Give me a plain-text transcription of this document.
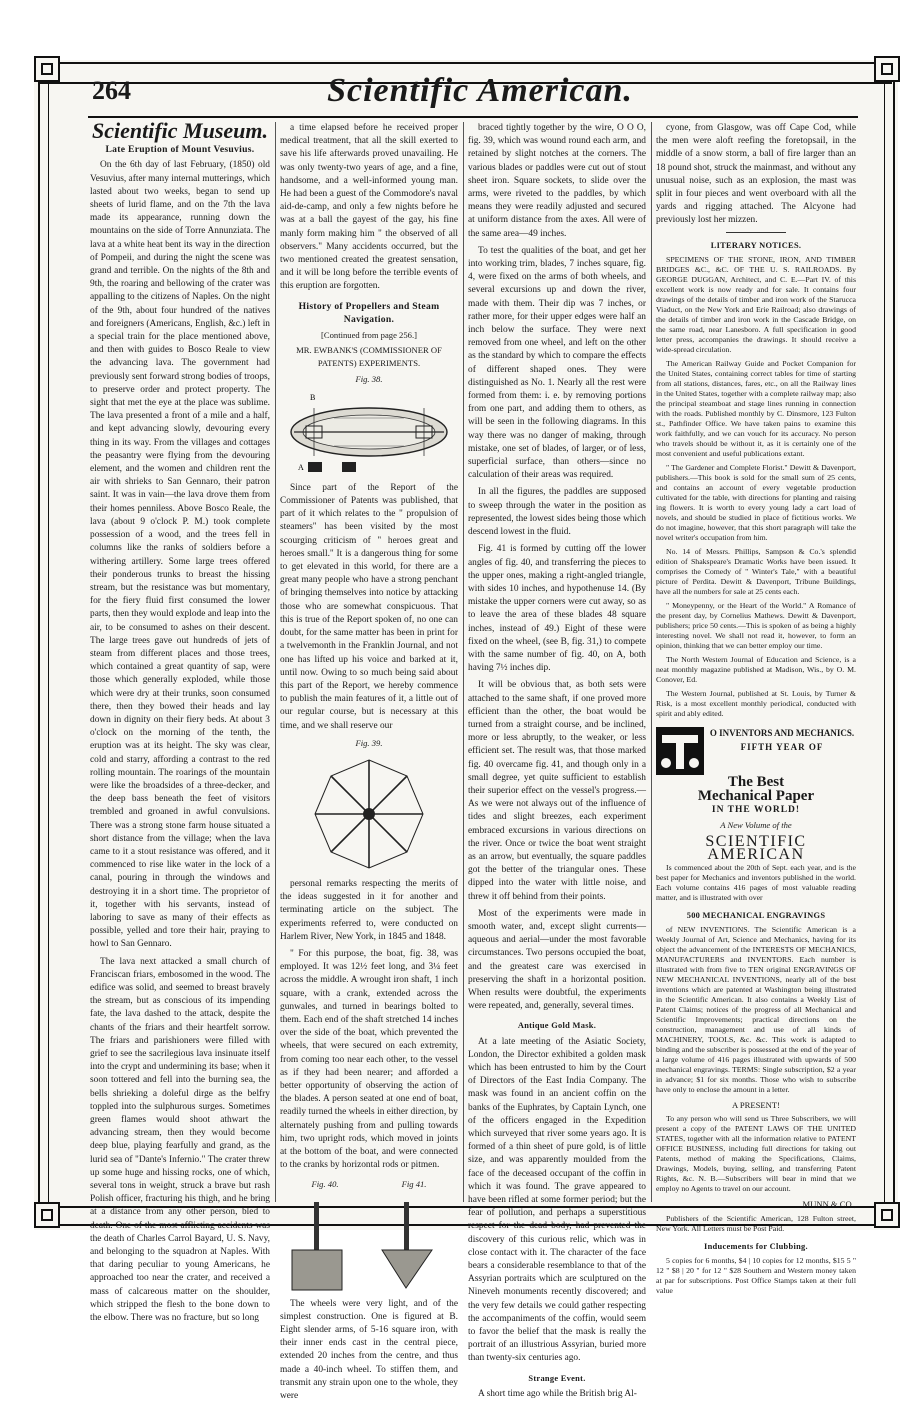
264	Scientific American.
Scientific Museum.
Late Eruption of Mount Vesuvius.

On the 6th day of last February, (1850) old Vesuvius, after many internal mutterings, which lasted about two weeks, began to send up sheets of lurid flame, and on the 7th the lava made its appearance, running down the mountains on the side of Torre Annunziata. The lava at a white heat bent its way in the direction of Pompeii, and during the night the scene was grand and terrible. On the nights of the 8th and 9th, the roaring and bellowing of the crater was appalling to the citizens of Naples. On the night of the 9th, about four hundred of the natives and foreigners (Americans, English, &c.) left in a special train for the place mentioned above, and then with guides to Bosco Reale to view the advancing lava. The government had previously sent forward strong bodies of troops, to preserve order and protect property. The sight that met the eye at the place was sublime. The lava presented a front of a mile and a half, and kept advancing slowly, devouring every thing in its way. From the villages and cottages the peasantry were flying from the devouring element, and the women and children rent the air with shrieks to San Gennaro, their patron saint. It was in vain—the lava drove them from their homes penniless. Above Bosco Reale, the lava (about 9 o'clock P. M.) took complete possession of a wood, and the trees fell in columns like the ranks of soldiers before a withering artillery. Some large trees offered their ponderous trunks to breast the hissing stream, but the resistance was but momentary, for the fiery fluid first consumed the lower parts, then they would explode and leap into the air, to be consumed to ashes on their descent. The large trees gave out hundreds of jets of steam from different places and those trees, which contained a great quantity of sap, were those which generally exploded, while those which were dry at their trunks, soon consumed there, then they bowed their heads and lay down in dignity on their fiery beds. At about 3 o'clock on the morning of the tenth, the eruption was at its height. The sky was clear, cold and starry, affording a contrast to the red rolling mountain. The roarings of the mountain were like the broadsides of a three-decker, and the deep bass beneath the feet of visitors trembled and groaned in awful convulsions. There was a strong stone farm house situated a short distance from the village; when the lava came to it a stout resistance was offered, and it commenced to rise like water in the lock of a canal, pouring in through the windows and destroying it in a short time. The proprietor of it, together with his servants, instead of laboring to save as many of their effects as possible, yelled and tore their hair, praying to howl to San Gennaro.

The lava next attacked a small church of Franciscan friars, embosomed in the wood. The edifice was solid, and seemed to breast bravely the stream, but as conscious of its impending fate, the lava dashed to the attack, despite the chants of the friars and their heartfelt sorrow. The friars and parishioners were filled with grief to see the sacrilegious lava insinuate itself into the crypt and undermining its base; when it soon tottered and fell into the burning sea, the bells shrieking a doleful dirge as the belfry toppled into the sulphurous surges. Sometimes green flames would shoot athwart the advancing stream, then they would become deep blue, playing fearfully and grand, as the lurid sea of "Dante's Infernio." The crater threw up some huge and hissing rocks, one of which, several tons in weight, struck a brave but rash Polish officer, fracturing his thigh, and he bring at a distance from any other person, bled to death. One of the most afflicting accidents was the death of Charles Carrol Bayard, U. S. Navy, and belonging to the squadron at Naples. With that daring peculiar to young Americans, he approached too near the crater, and received a mass of calcareous matter on the shoulder, which stripped the flesh to the bone down to the elbow. There was no fracture, but so long

a time elapsed before he received proper medical treatment, that all the skill exerted to save his life afterwards proved unavailing. He was only twenty-two years of age, and a fine, handsome, and a well-informed young man. He had been a guest of the Commodore's naval aid-de-camp, and only a few nights before he was at a ball the gayest of the gay, his fine manly form making him " the observed of all observers." Many accidents occurred, but the two mentioned created the greatest sensation, and it will be long before the terrible events of this eruption are forgotten.

History of Propellers and Steam Navigation.
[Continued from page 256.]
MR. EWBANK'S (COMMISSIONER OF PATENTS) EXPERIMENTS.
Fig. 38.
B
A

Since part of the Report of the Commissioner of Patents was published, that part of it which relates to the " propulsion of steamers" has been visited by the most scourging criticism of " heroes great and heroes small." It is a dangerous thing for some to get elevated in this world, for there are a great many people who have a strong penchant of bringing themselves into notice by attacking those who are somewhat conspicuous. That this is true of the Report spoken of, no one can doubt, for the same matter has been in print for a twelvemonth in the Franklin Journal, and not one has lifted up his voice and barked at it, until now. Owing to so much being said about this part of the Report, we hereby commence to publish the main features of it, a little out of our regular course, but is necessary at this time, and we shall reserve our

Fig. 39.

personal remarks respecting the merits of the ideas suggested in it for another and terminating article on the subject. The experiments referred to, were conducted on Harlem River, New York, in 1845 and 1848.

" For this purpose, the boat, fig. 38, was employed. It was 12½ feet long, and 3¼ feet across the middle. A wrought iron shaft, 1 inch square, with a crank, extended across the gunwales, and turned in bearings bolted to them. Each end of the shaft stretched 14 inches over the side of the boat, which prevented the wheels, that were secured on each extremity, from coming too near each other, to the vessel as if they had been nearer; and afforded a better opportunity of observing the action of the blades. A person seated at one end of boat, readily turned the wheels in either direction, by alternately pushing from and pulling towards him, two upright rods, which moved in joints at the bottom of the boat, and were connected to the cranks by horizontal rods or pitmen.

Fig. 40.	Fig 41.

The wheels were very light, and of the simplest construction. One is figured at B. Eight slender arms, of 5-16 square iron, with their inner ends cast in the central piece, extended 20 inches from the centre, and thus made a 40-inch wheel. To stiffen them, and transmit any strain upon one to the whole, they were

braced tightly together by the wire, O O O, fig. 39, which was wound round each arm, and retained by slight notches at the corners. The various blades or paddles were cut out of stout sheet iron. Square sockets, to slide over the arms, were riveted to the paddles, by which means they were readily adjusted and secured at uniform distance from the axes. All were of the same area—49 inches.

To test the qualities of the boat, and get her into working trim, blades, 7 inches square, fig. 4, were fixed on the arms of both wheels, and several excursions up and down the river, made with them. Their dip was 7 inches, or rather more, for their upper edges were half an inch below the surface. They were next removed from one wheel, and left on the other as the standard by which to compare the effects of different shaped ones. They were distinguished as No. 1. Nearly all the rest were formed from them: i. e. by removing portions from one part, and adding them to others, as will be seen in the following diagrams. In this way there was no danger of making, through mistake, one set of blades, of larger, or of less, superficial surface, than others—since no calculation of their areas was required.

In all the figures, the paddles are supposed to sweep through the water in the position as represented, the lowest sides being those which descend lowest in the fluid.

Fig. 41 is formed by cutting off the lower angles of fig. 40, and transferring the pieces to the upper ones, making a right-angled triangle, with sides 10 inches, and hypothenuse 14. (By mistake the upper corners were cut away, so as to leave the area of these blades 48 square inches, instead of 49.) Eight of these were fixed on the wheel, (see B, fig. 31,) to compete with the same number of fig. 40, on A, both having 7½ inches dip.

It will be obvious that, as both sets were attached to the same shaft, if one proved more efficient than the other, the boat would be turned from a straight course, and be inclined, more or less abruptly, to the weaker, or less efficient set. The result was, that those marked fig. 40 overcame fig. 41, and though only in a small degree, yet quite sufficient to establish their superior effect on the vessel's progress.—As we were not always out of the influence of tides and slight breezes, each experiment embraced excursions in various directions on the river. Once or twice the boat went straight as an arrow, but eventually, the square paddles got the better of the triangular ones. These dipped into the water with little noise, and threw it off behind from their points.

Most of the experiments were made in smooth water, and, except slight currents—aqueous and aerial—under the most favorable circumstances. Two persons occupied the boat, and the greatest care was exercised in preserving the shaft in a horizontal position. When results were doubtful, the experiments were repeated, and, generally, several times.

Antique Gold Mask.

At a late meeting of the Asiatic Society, London, the Director exhibited a golden mask which has been entrusted to him by the Court of Directors of the East India Company. The mask was found in an ancient coffin on the banks of the Euphrates, by Captain Lynch, one of the officers engaged in the Expedition which surveyed that river some years ago. It is formed of a thin sheet of pure gold, is of little size, and was apparently moulded from the face of the deceased occupant of the coffin in which it was found. The grave appeared to have been rifled at some former period; but the fear of pollution, and perhaps a superstitious respect for the dead body, had prevented the discovery of this curious relic, which was in close contact with it. The character of the face bears a considerable resemblance to that of the Assyrian portraits which are sculptured on the Nineveh monuments recently discovered; and the very few details we could gather respecting the accompaniments of the coffin, would seem to favor the belief that the mask is really the portrait of an illustrious Assyrian, buried more than twenty-six centuries ago.

Strange Event.

A short time ago while the British brig Al-

cyone, from Glasgow, was off Cape Cod, while the men were aloft reefing the foretopsail, in the middle of a snow storm, a ball of fire larger than an 18 pound shot, struck the mainmast, and without any unusual noise, such as an explosion, the mast was split in four pieces and went overboard with all the yards and rigging attached. The Alcyone had previously lost her mizzen.

LITERARY NOTICES.

SPECIMENS OF THE STONE, IRON, AND TIMBER BRIDGES &C., &C. OF THE U. S. RAILROADS. By GEORGE DUGGAN, Architect, and C. E.—Part IV. of this excellent work is now ready and for sale. It contains four drawings of the details of timber and iron work of the Starucca Viaduct, on the New York and Erie Railroad; also drawings of the details of timber and iron work in the Cascade Bridge, on the same road, near Lanesboro. A full specification in good letter press, accompanies the drawings. It should receive a wide-spread circulation.

The American Railway Guide and Pocket Companion for the United States, containing correct tables for time of starting from all stations, distances, fares, etc., on all the Railway lines in the United States, together with a complete railway map; also the principal steamboat and stage lines running in connection with the roads. Published monthly by C. Dinsmore, 123 Fulton st., Pathfinder Office. We have taken pains to examine this work faithfully, and we can vouch for its accuracy. No person who travels should be without it, as it is certainly one of the most convenient and useful publications extant.

" The Gardener and Complete Florist." Dewitt & Davenport, publishers.—This book is sold for the small sum of 25 cents, and contains an account of every vegetable production cultivated for the table, with directions for planting and raising ing flowers. It is worth to every young lady a cart load of novels, and should be studied in place of fictitious works. We do not imagine, however, that this short paragraph will take the novel writer's occupation from him.

No. 14 of Messrs. Phillips, Sampson & Co.'s splendid edition of Shakspeare's Dramatic Works have been issued. It comprises the Comedy of " Winter's Tale," with a beautiful picture of Perdita. Dewitt & Davenport, Tribune Buildings, have all the numbers for sale at 25 cents each.

" Moneypenny, or the Heart of the World." A Romance of the present day, by Cornelius Mathews. Dewitt & Davenport, publishers; price 50 cents.—This is spoken of as being a highly interesting novel. We shall not read it, however, to form an opinion, thinking that we can better employ our time.

The North Western Journal of Education and Science, is a neat monthly magazine published at Madison, Wis., by O. M. Conover, Ed.

The Western Journal, published at St. Louis, by Turner & Risk, is a most excellent monthly periodical, conducted with spirit and ably edited.

O INVENTORS AND MECHANICS.
FIFTH YEAR OF
The Best
Mechanical Paper
IN THE WORLD!
A New Volume of the
SCIENTIFIC AMERICAN

Is commenced about the 20th of Sept. each year, and is the best paper for Mechanics and inventors published in the world. Each volume contains 416 pages of most valuable reading matter, and is illustrated with over

500 MECHANICAL ENGRAVINGS

of NEW INVENTIONS. The Scientific American is a Weekly Journal of Art, Science and Mechanics, having for its object the advancement of the INTERESTS OF MECHANICS, MANUFACTURERS and INVENTORS. Each number is illustrated with from five to TEN original ENGRAVINGS OF NEW MECHANICAL INVENTIONS, nearly all of the best inventions which are patented at Washington being illustrated in the Scientific American. It also contains a Weekly List of Patent Claims; notices of the progress of all Mechanical and Scientific Improvements; practical directions on the construction, management and use of all kinds of MACHINERY, TOOLS, &c. &c. This work is adapted to binding and the subscriber is possessed at the end of the year of a large volume of 416 pages illustrated with upwards of 500 mechanical engravings. TERMS: Single subscription, $2 a year in advance; $1 for six months. Those who wish to subscribe have only to enclose the amount in a letter.

A PRESENT!

To any person who will send us Three Subscribers, we will present a copy of the PATENT LAWS OF THE UNITED STATES, together with all the information relative to PATENT OFFICE BUSINESS, including full directions for taking out Patents, method of making the Specifications, Claims, Drawings, Models, buying, selling, and transferring Patent Rights, &c. N. B.—Subscribers will bear in mind that we employ no Agents to travel on our account.

MUNN & CO.,

Publishers of the Scientific American, 128 Fulton street, New York. All Letters must be Post Paid.

Inducements for Clubbing.

5 copies for 6 months, $4 | 10 copies for 12 months, $15 5 " 12 " $8 | 20 " for 12 " $28 Southern and Western money taken at par for subscriptions. Post Office Stamps taken at their full value
